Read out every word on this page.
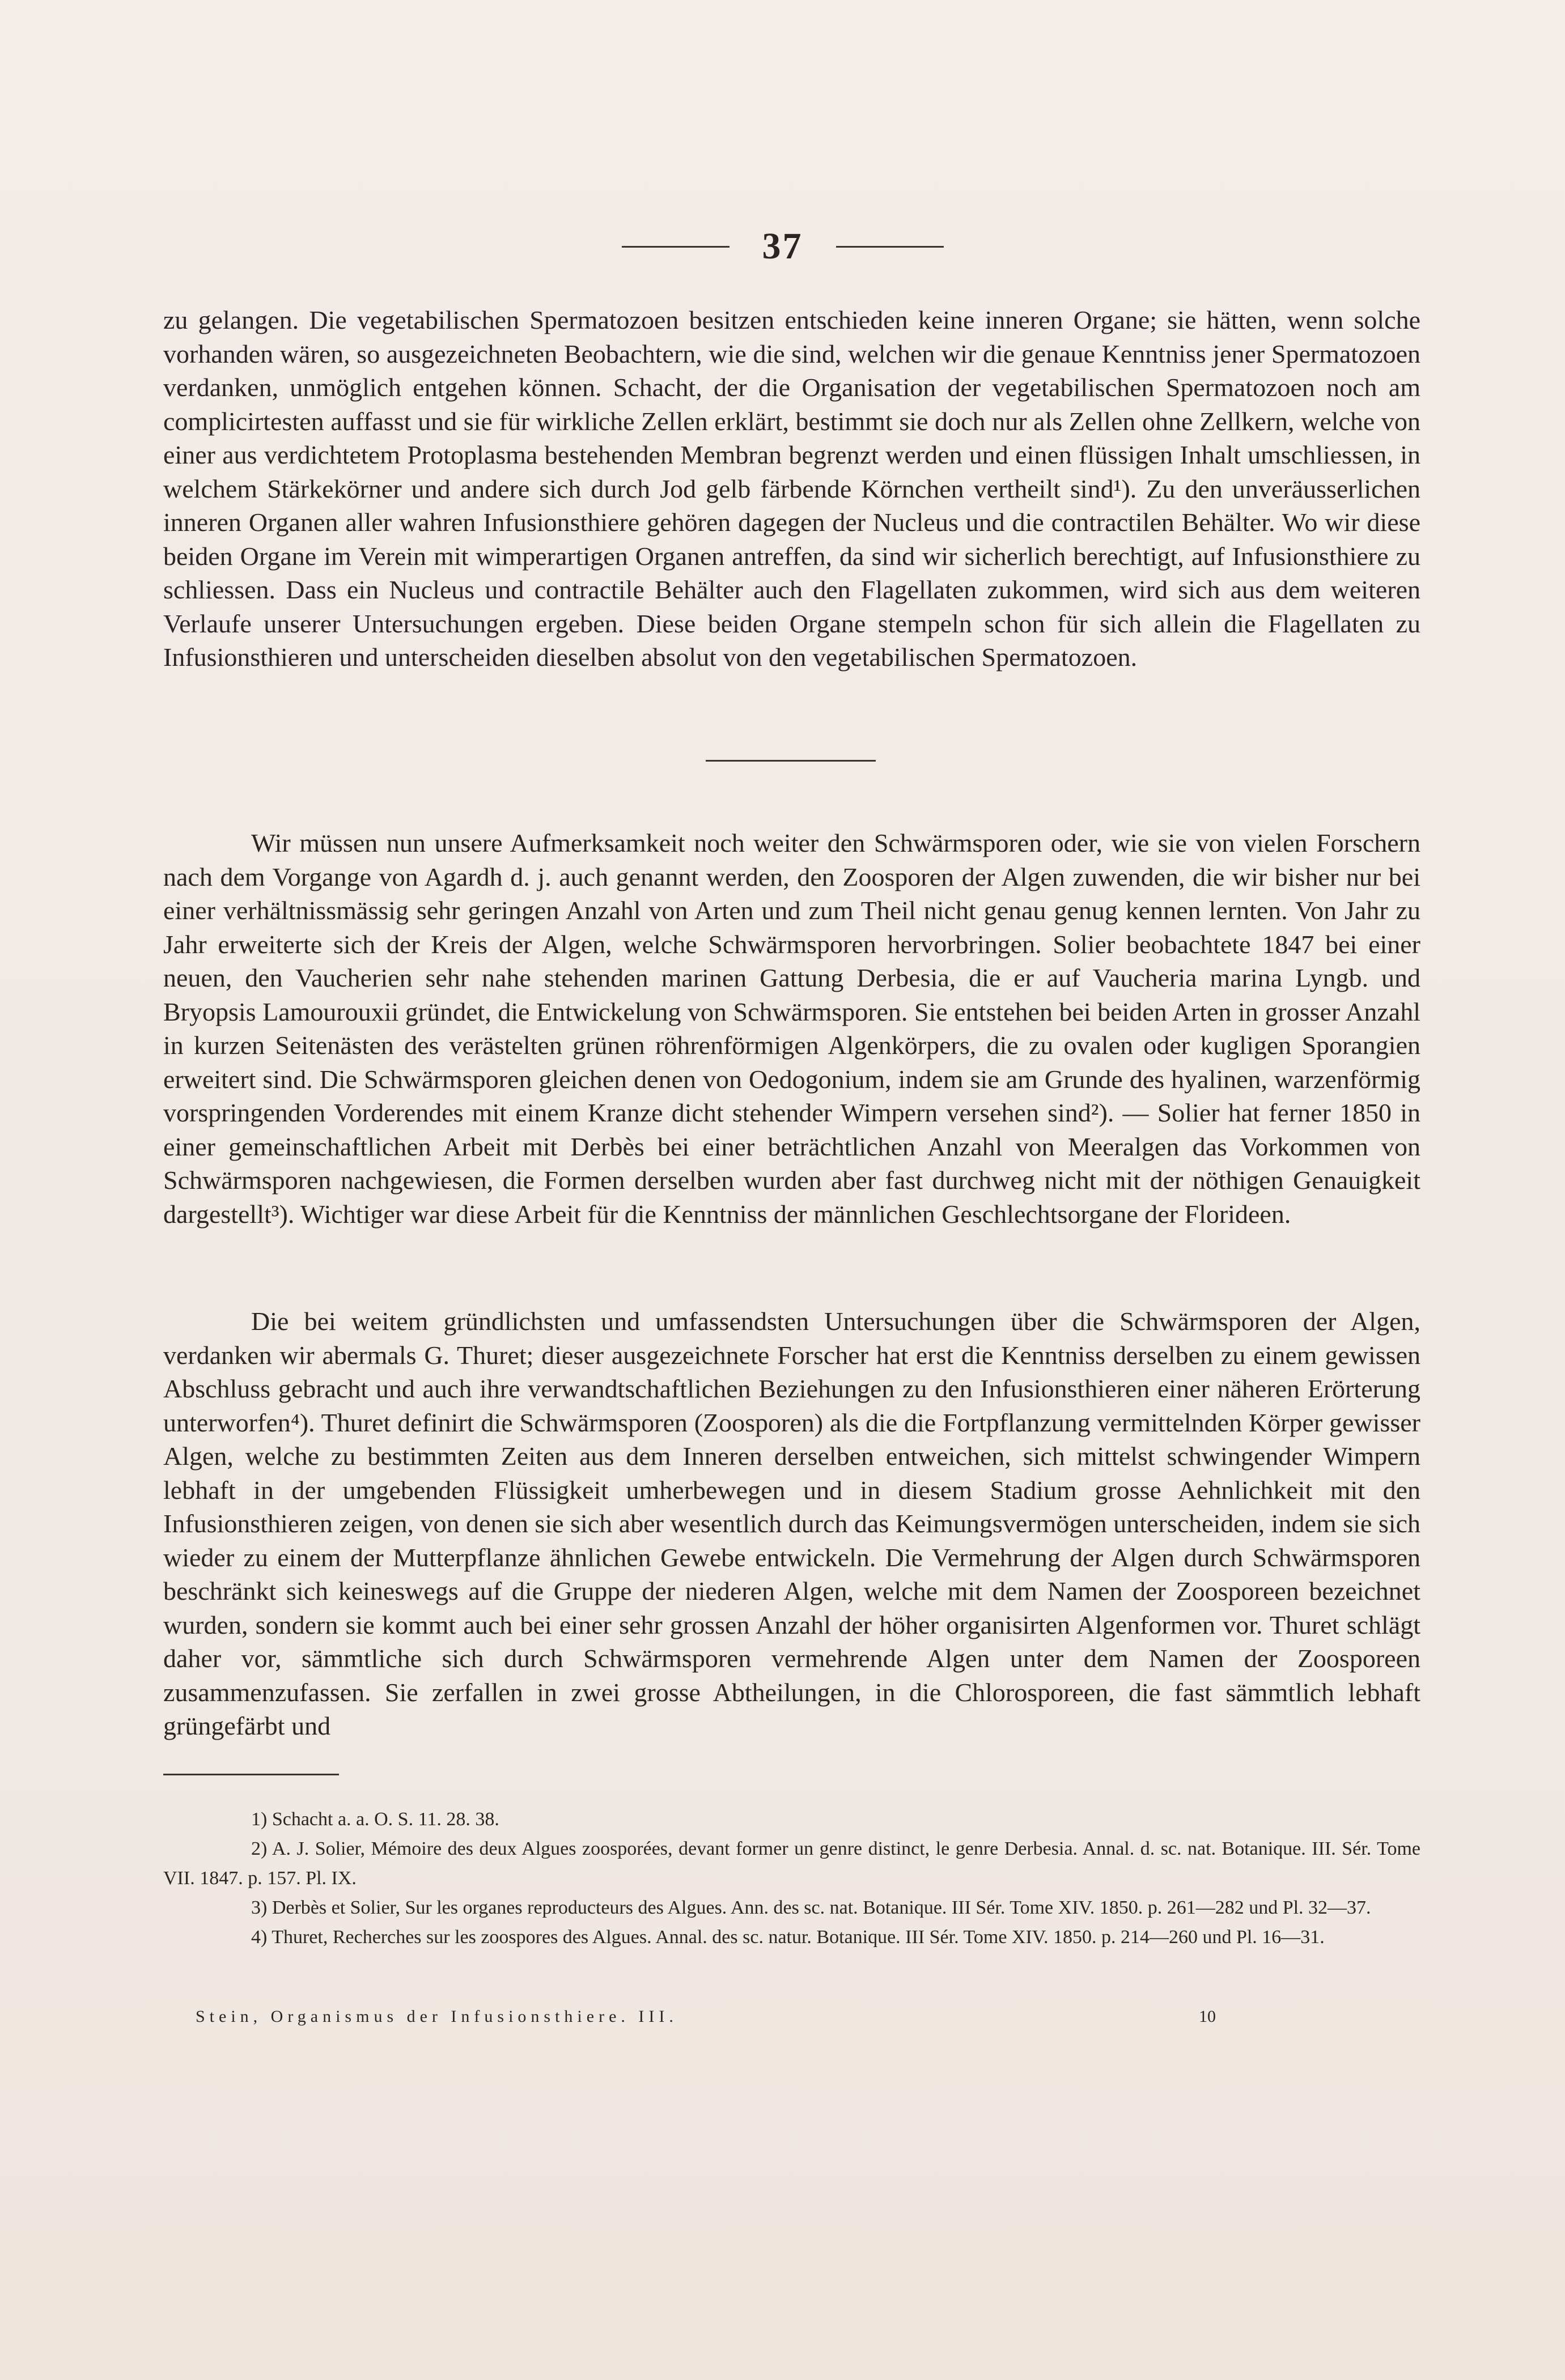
37

zu gelangen. Die vegetabilischen Spermatozoen besitzen entschieden keine inneren Organe; sie hätten, wenn solche vorhanden wären, so ausgezeichneten Beobachtern, wie die sind, welchen wir die genaue Kenntniss jener Spermatozoen verdanken, unmöglich entgehen können. Schacht, der die Organisation der vegetabilischen Spermatozoen noch am complicirtesten auffasst und sie für wirkliche Zellen erklärt, bestimmt sie doch nur als Zellen ohne Zellkern, welche von einer aus verdichtetem Protoplasma bestehenden Membran begrenzt werden und einen flüssigen Inhalt umschliessen, in welchem Stärkekörner und andere sich durch Jod gelb färbende Körnchen vertheilt sind¹). Zu den unveräusserlichen inneren Organen aller wahren Infusionsthiere gehören dagegen der Nucleus und die contractilen Behälter. Wo wir diese beiden Organe im Verein mit wimperartigen Organen antreffen, da sind wir sicherlich berechtigt, auf Infusionsthiere zu schliessen. Dass ein Nucleus und contractile Behälter auch den Flagellaten zukommen, wird sich aus dem weiteren Verlaufe unserer Untersuchungen ergeben. Diese beiden Organe stempeln schon für sich allein die Flagellaten zu Infusionsthieren und unterscheiden dieselben absolut von den vegetabilischen Spermatozoen.

Wir müssen nun unsere Aufmerksamkeit noch weiter den Schwärmsporen oder, wie sie von vielen Forschern nach dem Vorgange von Agardh d. j. auch genannt werden, den Zoosporen der Algen zuwenden, die wir bisher nur bei einer verhältnissmässig sehr geringen Anzahl von Arten und zum Theil nicht genau genug kennen lernten. Von Jahr zu Jahr erweiterte sich der Kreis der Algen, welche Schwärmsporen hervorbringen. Solier beobachtete 1847 bei einer neuen, den Vaucherien sehr nahe stehenden marinen Gattung Derbesia, die er auf Vaucheria marina Lyngb. und Bryopsis Lamourouxii gründet, die Entwickelung von Schwärmsporen. Sie entstehen bei beiden Arten in grosser Anzahl in kurzen Seitenästen des verästelten grünen röhrenförmigen Algenkörpers, die zu ovalen oder kugligen Sporangien erweitert sind. Die Schwärmsporen gleichen denen von Oedogonium, indem sie am Grunde des hyalinen, warzenförmig vorspringenden Vorderendes mit einem Kranze dicht stehender Wimpern versehen sind²). — Solier hat ferner 1850 in einer gemeinschaftlichen Arbeit mit Derbès bei einer beträchtlichen Anzahl von Meeralgen das Vorkommen von Schwärmsporen nachgewiesen, die Formen derselben wurden aber fast durchweg nicht mit der nöthigen Genauigkeit dargestellt³). Wichtiger war diese Arbeit für die Kenntniss der männlichen Geschlechtsorgane der Florideen.

Die bei weitem gründlichsten und umfassendsten Untersuchungen über die Schwärmsporen der Algen, verdanken wir abermals G. Thuret; dieser ausgezeichnete Forscher hat erst die Kenntniss derselben zu einem gewissen Abschluss gebracht und auch ihre verwandtschaftlichen Beziehungen zu den Infusionsthieren einer näheren Erörterung unterworfen⁴). Thuret definirt die Schwärmsporen (Zoosporen) als die die Fortpflanzung vermittelnden Körper gewisser Algen, welche zu bestimmten Zeiten aus dem Inneren derselben entweichen, sich mittelst schwingender Wimpern lebhaft in der umgebenden Flüssigkeit umherbewegen und in diesem Stadium grosse Aehnlichkeit mit den Infusionsthieren zeigen, von denen sie sich aber wesentlich durch das Keimungsvermögen unterscheiden, indem sie sich wieder zu einem der Mutterpflanze ähnlichen Gewebe entwickeln. Die Vermehrung der Algen durch Schwärmsporen beschränkt sich keineswegs auf die Gruppe der niederen Algen, welche mit dem Namen der Zoosporeen bezeichnet wurden, sondern sie kommt auch bei einer sehr grossen Anzahl der höher organisirten Algenformen vor. Thuret schlägt daher vor, sämmtliche sich durch Schwärmsporen vermehrende Algen unter dem Namen der Zoosporeen zusammenzufassen. Sie zerfallen in zwei grosse Abtheilungen, in die Chlorosporeen, die fast sämmtlich lebhaft grüngefärbt und

1) Schacht a. a. O. S. 11. 28. 38.

2) A. J. Solier, Mémoire des deux Algues zoosporées, devant former un genre distinct, le genre Derbesia. Annal. d. sc. nat. Botanique. III. Sér. Tome VII. 1847. p. 157. Pl. IX.

3) Derbès et Solier, Sur les organes reproducteurs des Algues. Ann. des sc. nat. Botanique. III Sér. Tome XIV. 1850. p. 261—282 und Pl. 32—37.

4) Thuret, Recherches sur les zoospores des Algues. Annal. des sc. natur. Botanique. III Sér. Tome XIV. 1850. p. 214—260 und Pl. 16—31.

Stein, Organismus der Infusionsthiere. III.	10
